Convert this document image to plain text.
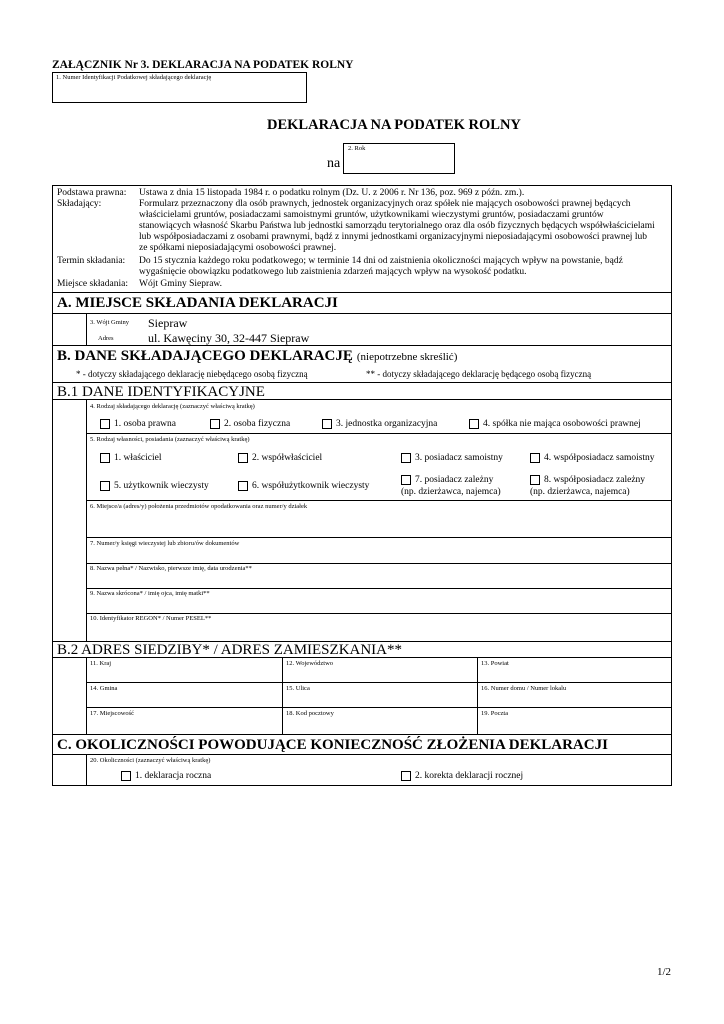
ZAŁĄCZNIK Nr 3. DEKLARACJA NA PODATEK ROLNY
1. Numer Identyfikacji Podatkowej składającego deklarację
DEKLARACJA NA PODATEK ROLNY
na
2. Rok
Podstawa prawna: Ustawa z dnia 15 listopada 1984 r. o podatku rolnym (Dz. U. z 2006 r. Nr 136, poz. 969 z późn. zm.).
Składający:	Formularz przeznaczony dla osób prawnych, jednostek organizacyjnych oraz spółek nie mających osobowości prawnej będących
właścicielami gruntów, posiadaczami samoistnymi gruntów, użytkownikami wieczystymi gruntów, posiadaczami gruntów
stanowiących własność Skarbu Państwa lub jednostki samorządu terytorialnego oraz dla osób fizycznych będących współwłaścicielami
lub współposiadaczami z osobami prawnymi, bądź z innymi jednostkami organizacyjnymi nieposiadającymi osobowości prawnej lub
ze spółkami nieposiadającymi osobowości prawnej.
Termin składania: Do 15 stycznia każdego roku podatkowego; w terminie 14 dni od zaistnienia okoliczności mających wpływ na powstanie, bądź
wygaśnięcie obowiązku podatkowego lub zaistnienia zdarzeń mających wpływ na wysokość podatku.
Miejsce składania: Wójt Gminy Siepraw.
A. MIEJSCE SKŁADANIA DEKLARACJI
3. Wójt Gminy Siepraw
Adres	ul. Kawęciny 30, 32-447 Siepraw
B. DANE SKŁADAJĄCEGO DEKLARACJĘ (niepotrzebne skreślić)
* - dotyczy składającego deklarację niebędącego osobą fizyczną	** - dotyczy składającego deklarację będącego osobą fizyczną
B.1 DANE IDENTYFIKACYJNE
4. Rodzaj składającego deklarację (zaznaczyć właściwą kratkę)
1. osoba prawna	2. osoba fizyczna	3. jednostka organizacyjna	4. spółka nie mająca osobowości prawnej
5. Rodzaj własności, posiadania (zaznaczyć właściwą kratkę)
1. właściciel	2. współwłaściciel	3. posiadacz samoistny	4. współposiadacz samoistny
5. użytkownik wieczysty	6. współużytkownik wieczysty
7. posiadacz zależny
(np. dzierżawca, najemca)
8. współposiadacz zależny
(np. dzierżawca, najemca)
6. Miejsce/a (adres/y) położenia przedmiotów opodatkowania oraz numer/y działek
7. Numer/y księgi wieczystej lub zbioru/ów dokumentów
8. Nazwa pełna* / Nazwisko, pierwsze imię, data urodzenia**
9. Nazwa skrócona* / imię ojca, imię matki**
10. Identyfikator REGON* / Numer PESEL**
B.2 ADRES SIEDZIBY* / ADRES ZAMIESZKANIA**
11. Kraj	12. Województwo	13. Powiat
14. Gmina	15. Ulica	16. Numer domu / Numer lokalu
17. Miejscowość	18. Kod pocztowy	19. Poczta
C. OKOLICZNOŚCI POWODUJĄCE KONIECZNOŚĆ ZŁOŻENIA DEKLARACJI
20. Okoliczności (zaznaczyć właściwą kratkę)
1. deklaracja roczna	2. korekta deklaracji rocznej
1/2
